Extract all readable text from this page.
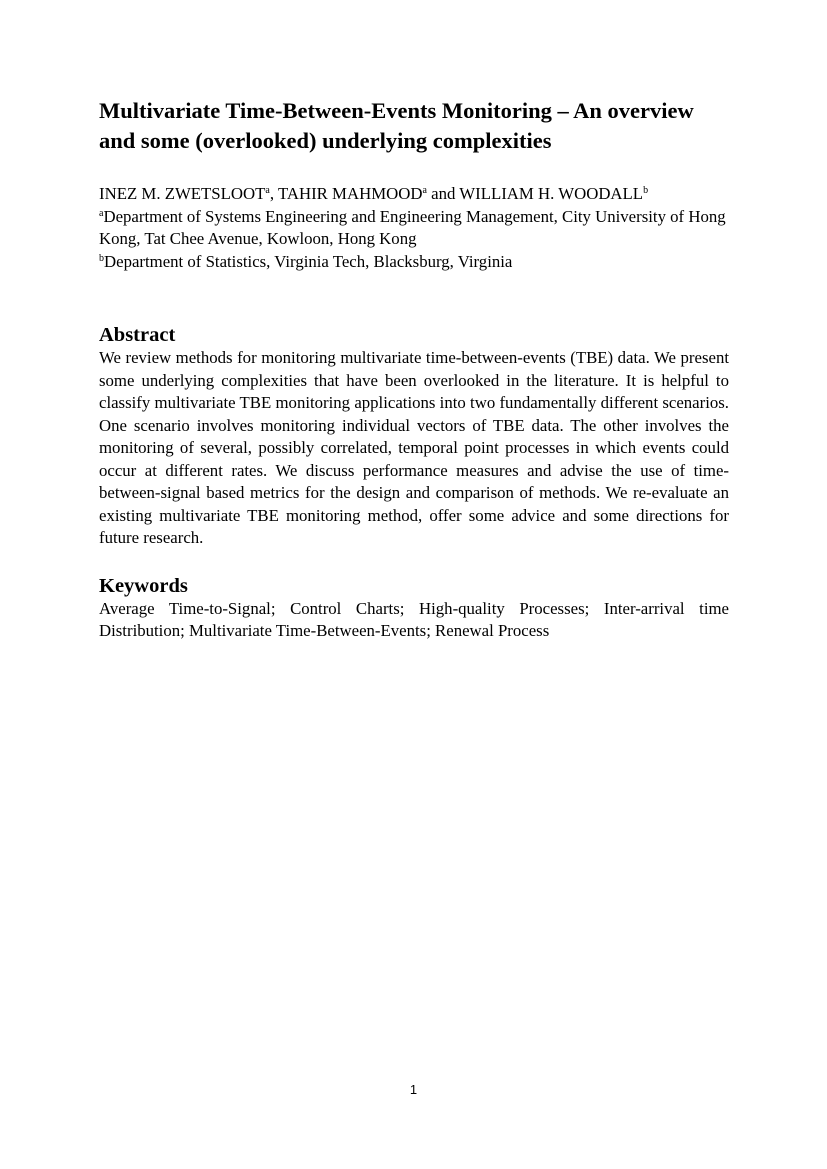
Multivariate Time-Between-Events Monitoring – An overview and some (overlooked) underlying complexities
INEZ M. ZWETSLOOT$^a$, TAHIR MAHMOOD$^a$ and WILLIAM H. WOODALL$^b$
$^a$Department of Systems Engineering and Engineering Management, City University of Hong Kong, Tat Chee Avenue, Kowloon, Hong Kong
$^b$Department of Statistics, Virginia Tech, Blacksburg, Virginia
Abstract

We review methods for monitoring multivariate time-between-events (TBE) data. We present some underlying complexities that have been overlooked in the literature. It is helpful to classify multivariate TBE monitoring applications into two fundamentally different scenarios. One scenario involves monitoring individual vectors of TBE data. The other involves the monitoring of several, possibly correlated, temporal point processes in which events could occur at different rates. We discuss performance measures and advise the use of time-between-signal based metrics for the design and comparison of methods. We re-evaluate an existing multivariate TBE monitoring method, offer some advice and some directions for future research.

Keywords

Average Time-to-Signal; Control Charts; High-quality Processes; Inter-arrival time Distribution; Multivariate Time-Between-Events; Renewal Process

1
